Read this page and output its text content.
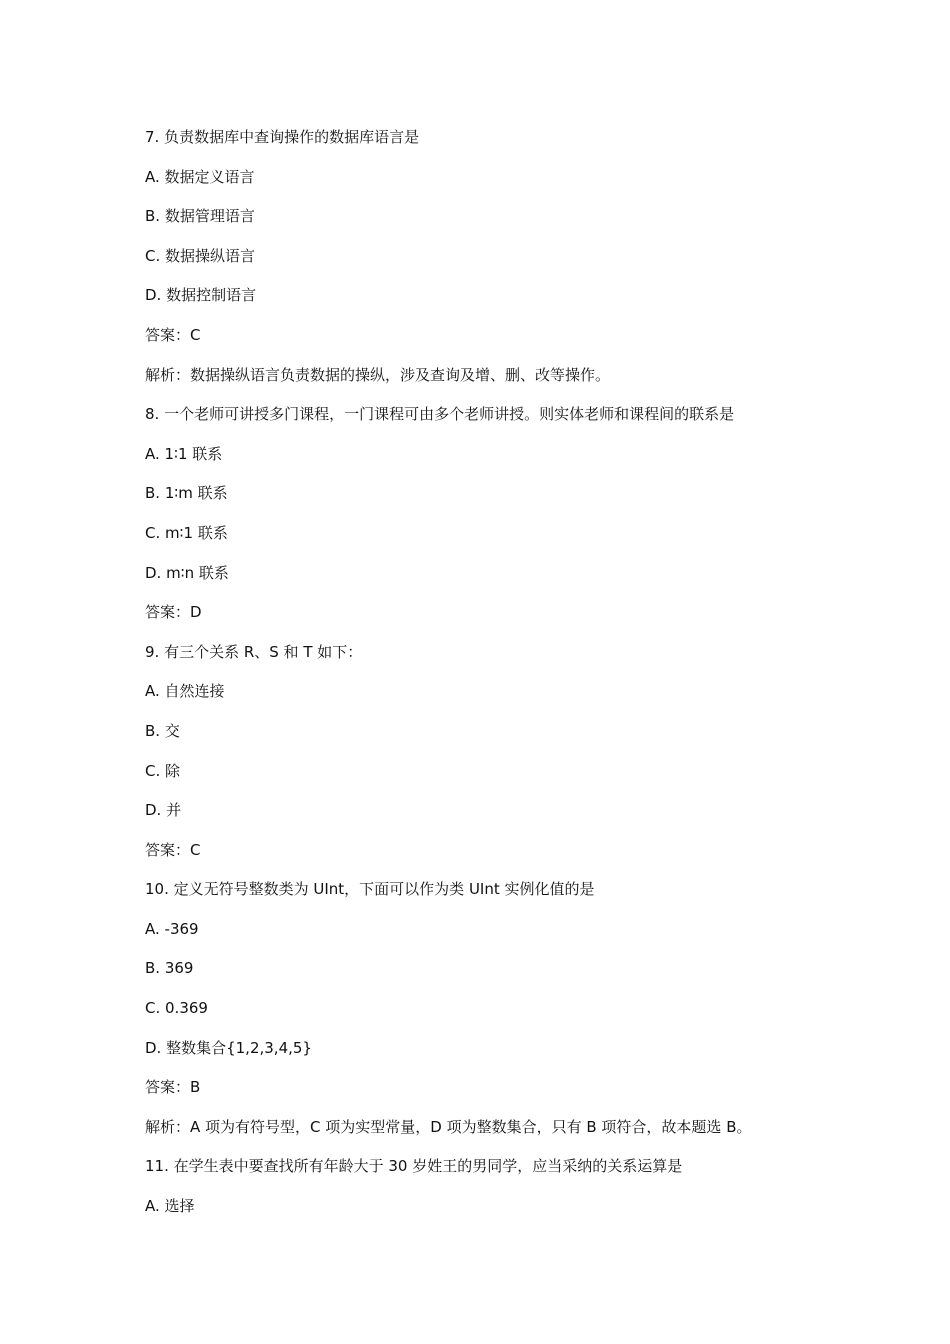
7. 负责数据库中查询操作的数据库语言是

A. 数据定义语言

B. 数据管理语言

C. 数据操纵语言

D. 数据控制语言

答案：C

解析：数据操纵语言负责数据的操纵，涉及查询及增、删、改等操作。

8. 一个老师可讲授多门课程，一门课程可由多个老师讲授。则实体老师和课程间的联系是

A. 1∶1 联系

B. 1∶m 联系

C. m∶1 联系

D. m∶n 联系

答案：D

9. 有三个关系 R、S 和 T 如下：

A. 自然连接

B. 交

C. 除

D. 并

答案：C

10. 定义无符号整数类为 UInt，下面可以作为类 UInt 实例化值的是

A. -369

B. 369

C. 0.369

D. 整数集合{1,2,3,4,5}

答案：B

解析：A 项为有符号型，C 项为实型常量，D 项为整数集合，只有 B 项符合，故本题选 B。

11. 在学生表中要查找所有年龄大于 30 岁姓王的男同学，应当采纳的关系运算是

A. 选择
